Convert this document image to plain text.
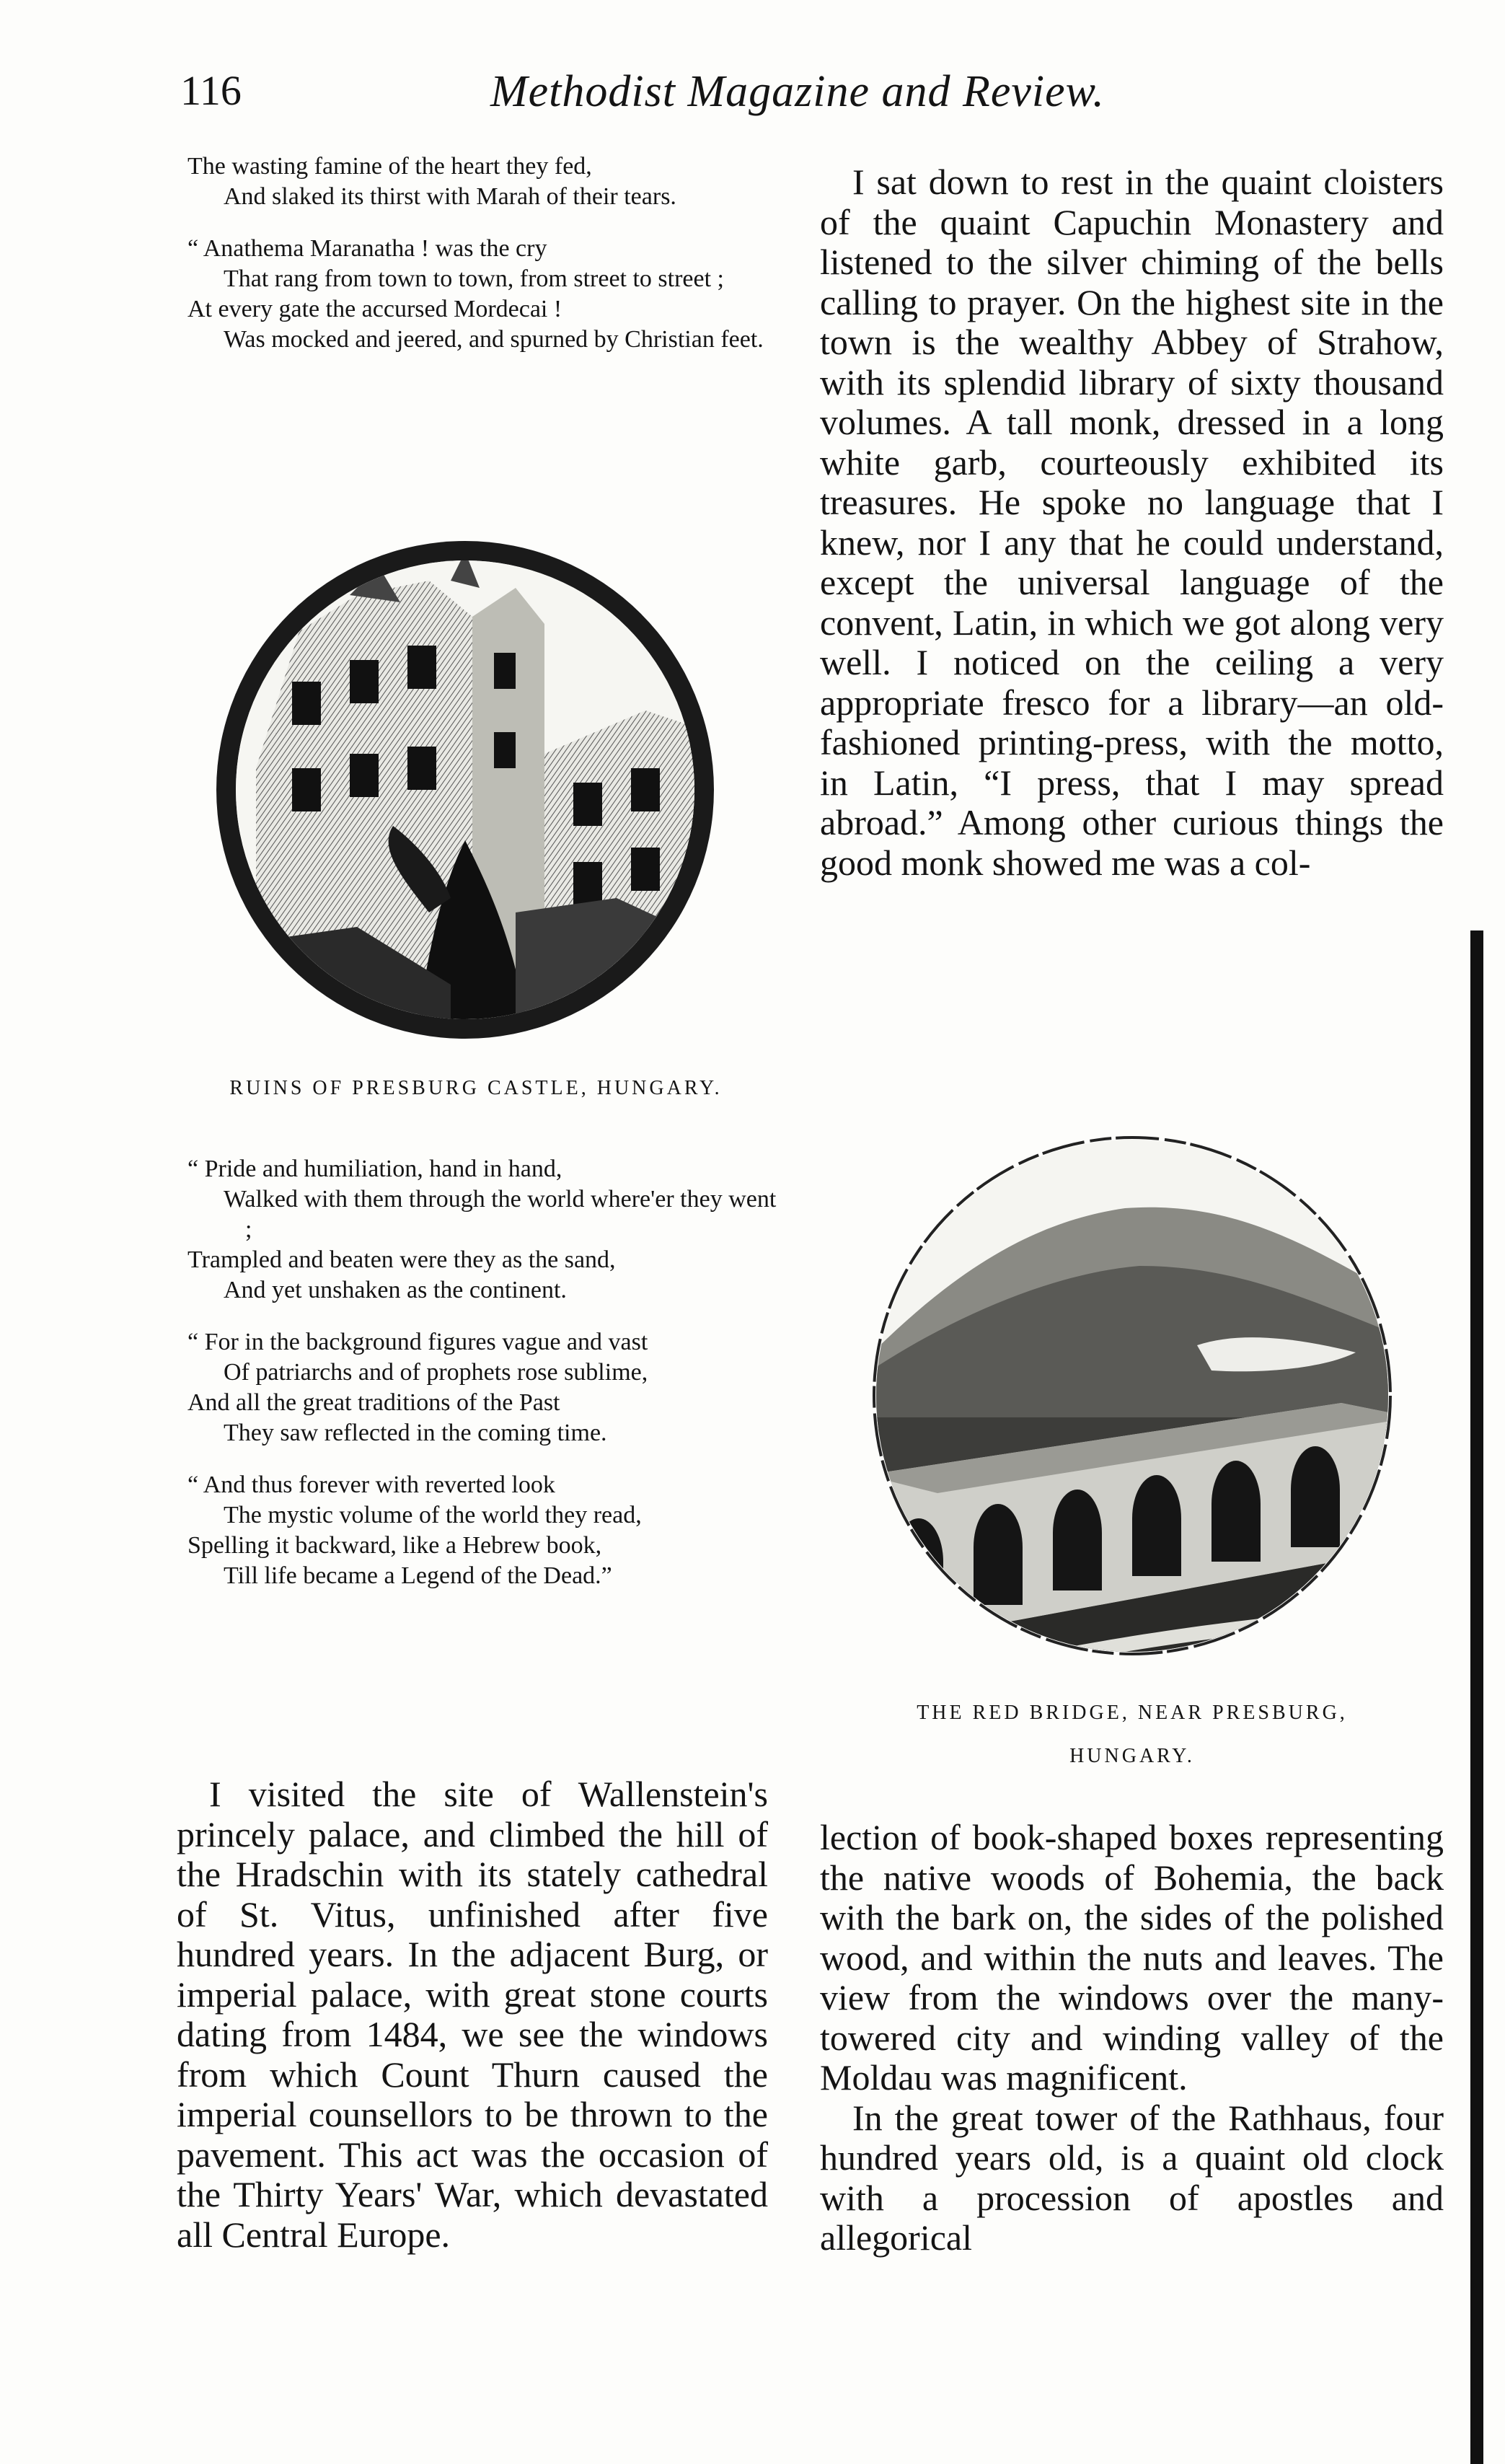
116	Methodist Magazine and Review.

The wasting famine of the heart they fed,

And slaked its thirst with Marah of their tears.

“ Anathema Maranatha ! was the cry

That rang from town to town, from street to street ;

At every gate the accursed Mordecai !

Was mocked and jeered, and spurned by Christian feet.

RUINS OF PRESBURG CASTLE, HUNGARY.

“ Pride and humiliation, hand in hand,

Walked with them through the world where'er they went ;

Trampled and beaten were they as the sand,

And yet unshaken as the continent.

“ For in the background figures vague and vast

Of patriarchs and of prophets rose sublime,

And all the great traditions of the Past

They saw reflected in the coming time.

“ And thus forever with reverted look

The mystic volume of the world they read,

Spelling it backward, like a Hebrew book,

Till life became a Legend of the Dead.”

I visited the site of Wallenstein's princely palace, and climbed the hill of the Hradschin with its stately cathedral of St. Vitus, unfinished after five hundred years. In the adjacent Burg, or imperial palace, with great stone courts dating from 1484, we see the windows from which Count Thurn caused the imperial counsellors to be thrown to the pavement. This act was the occasion of the Thirty Years' War, which devastated all Central Europe.

I sat down to rest in the quaint cloisters of the quaint Capuchin Monastery and listened to the silver chiming of the bells calling to prayer. On the highest site in the town is the wealthy Abbey of Strahow, with its splendid library of sixty thousand volumes. A tall monk, dressed in a long white garb, courteously exhibited its treasures. He spoke no language that I knew, nor I any that he could understand, except the universal language of the convent, Latin, in which we got along very well. I noticed on the ceiling a very appropriate fresco for a library—an old-fashioned printing-press, with the motto, in Latin, “I press, that I may spread abroad.” Among other curious things the good monk showed me was a col-

THE RED BRIDGE, NEAR PRESBURG,

HUNGARY.

lection of book-shaped boxes representing the native woods of Bohemia, the back with the bark on, the sides of the polished wood, and within the nuts and leaves. The view from the windows over the many-towered city and winding valley of the Moldau was magnificent.

In the great tower of the Rathhaus, four hundred years old, is a quaint old clock with a procession of apostles and allegorical
